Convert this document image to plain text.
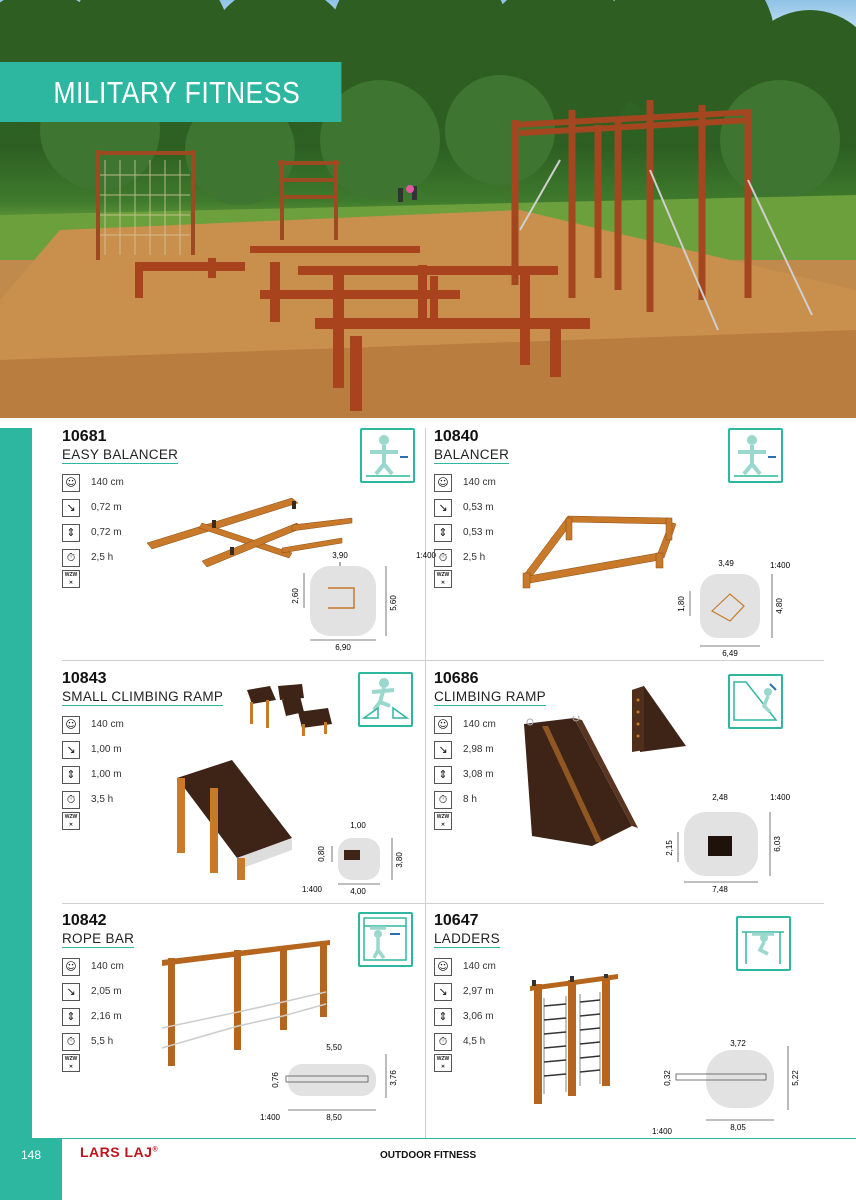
MILITARY FITNESS
10681
EASY BALANCER
☺	140 cm
↘	0,72 m
⇕	0,72 m
⏱	2,5 h
WZW
✕
3,90	1:400
2,60	5,60
6,90
10840
BALANCER
☺	140 cm
↘	0,53 m
⇕	0,53 m
⏱	2,5 h
WZW
✕
3,49	1:400
1,80	4,80
6,49
10843
SMALL CLIMBING RAMP
☺	140 cm
↘	1,00 m
⇕	1,00 m
⏱	3,5 h
WZW
✕	1,00
1:400
0,80	3,80
4,00
10686
CLIMBING RAMP
☺	140 cm
↘	2,98 m
⇕	3,08 m
⏱	8 h
WZW
✕
2,48	1:400
2,15	6,03
7,48
10842
ROPE BAR
☺	140 cm
↘	2,05 m
⇕	2,16 m
⏱	5,5 h
WZW
✕
5,50
1:400
0,76	3,76
8,50
10647
LADDERS
☺	140 cm
↘	2,97 m
⇕	3,06 m
⏱	4,5 h
WZW
✕
3,72
1:400
0,32	5,22
8,05
148	LARS LAJ®
OUTDOOR FITNESS
